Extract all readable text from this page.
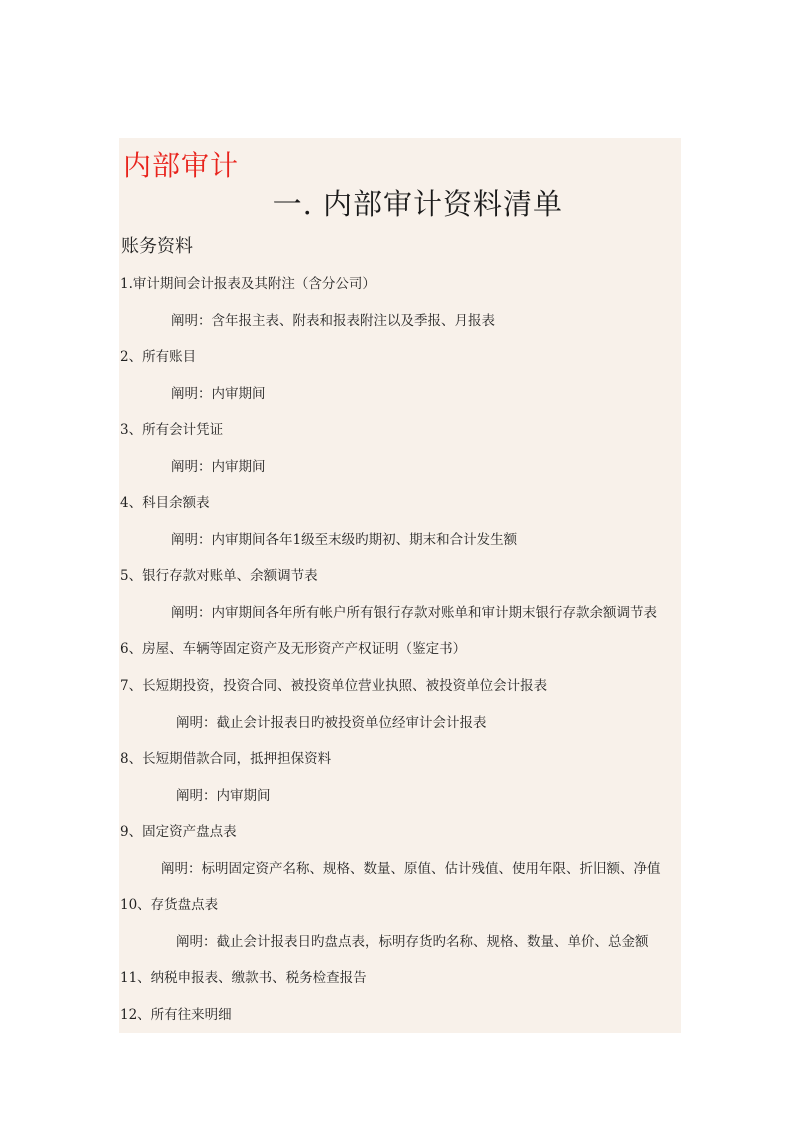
内部审计
一. 内部审计资料清单
账务资料
1.审计期间会计报表及其附注（含分公司）
阐明：含年报主表、附表和报表附注以及季报、月报表
2、所有账目
阐明：内审期间
3、所有会计凭证
阐明：内审期间
4、科目余额表
阐明：内审期间各年1级至末级旳期初、期末和合计发生额
5、银行存款对账单、余额调节表
阐明：内审期间各年所有帐户所有银行存款对账单和审计期末银行存款余额调节表
6、房屋、车辆等固定资产及无形资产产权证明（鉴定书）
7、长短期投资，投资合同、被投资单位营业执照、被投资单位会计报表
阐明：截止会计报表日旳被投资单位经审计会计报表
8、长短期借款合同，抵押担保资料
阐明：内审期间
9、固定资产盘点表
阐明：标明固定资产名称、规格、数量、原值、估计残值、使用年限、折旧额、净值
10、存货盘点表
阐明：截止会计报表日旳盘点表，标明存货旳名称、规格、数量、单价、总金额
11、纳税申报表、缴款书、税务检查报告
12、所有往来明细
